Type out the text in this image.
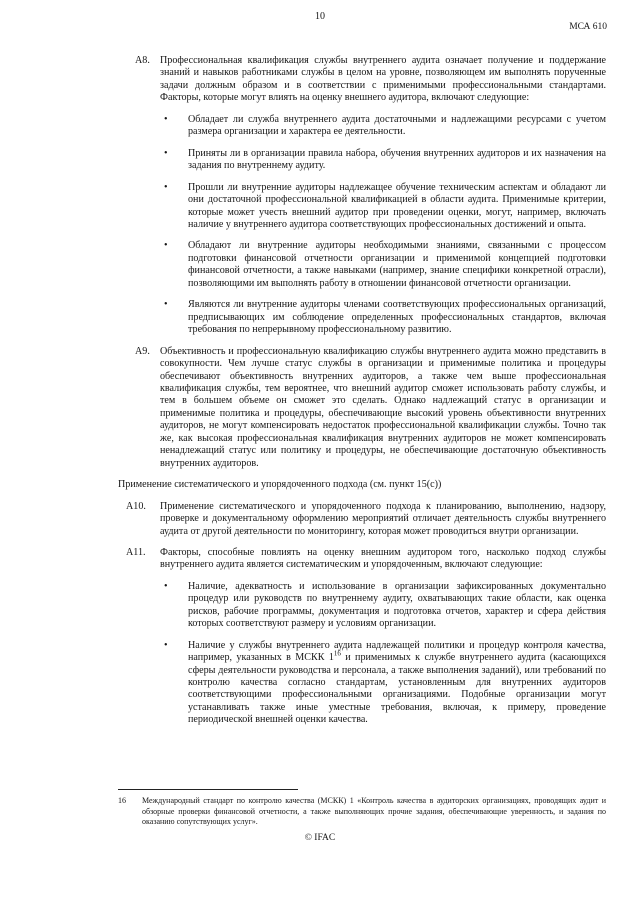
10
МСА 610
A8. Профессиональная квалификация службы внутреннего аудита означает получение и поддержание знаний и навыков работниками службы в целом на уровне, позволяющем им выполнять порученные задачи должным образом и в соответствии с применимыми профессиональными стандартами. Факторы, которые могут влиять на оценку внешнего аудитора, включают следующие:
• Обладает ли служба внутреннего аудита достаточными и надлежащими ресурсами с учетом размера организации и характера ее деятельности.
• Приняты ли в организации правила набора, обучения внутренних аудиторов и их назначения на задания по внутреннему аудиту.
• Прошли ли внутренние аудиторы надлежащее обучение техническим аспектам и обладают ли они достаточной профессиональной квалификацией в области аудита. Применимые критерии, которые может учесть внешний аудитор при проведении оценки, могут, например, включать наличие у внутреннего аудитора соответствующих профессиональных достижений и опыта.
• Обладают ли внутренние аудиторы необходимыми знаниями, связанными с процессом подготовки финансовой отчетности организации и применимой концепцией подготовки финансовой отчетности, а также навыками (например, знание специфики конкретной отрасли), позволяющими им выполнять работу в отношении финансовой отчетности организации.
• Являются ли внутренние аудиторы членами соответствующих профессиональных организаций, предписывающих им соблюдение определенных профессиональных стандартов, включая требования по непрерывному профессиональному развитию.
A9. Объективность и профессиональную квалификацию службы внутреннего аудита можно представить в совокупности. Чем лучше статус службы в организации и применимые политика и процедуры обеспечивают объективность внутренних аудиторов, а также чем выше профессиональная квалификация службы, тем вероятнее, что внешний аудитор сможет использовать работу службы, и тем в большем объеме он сможет это сделать. Однако надлежащий статус в организации и применимые политика и процедуры, обеспечивающие высокий уровень объективности внутренних аудиторов, не могут компенсировать недостаток профессиональной квалификации службы. Точно так же, как высокая профессиональная квалификация внутренних аудиторов не может компенсировать ненадлежащий статус или политику и процедуры, не обеспечивающие достаточную объективность внутренних аудиторов.
Применение систематического и упорядоченного подхода (см. пункт 15(c))
A10. Применение систематического и упорядоченного подхода к планированию, выполнению, надзору, проверке и документальному оформлению мероприятий отличает деятельность службы внутреннего аудита от другой деятельности по мониторингу, которая может проводиться внутри организации.
A11. Факторы, способные повлиять на оценку внешним аудитором того, насколько подход службы внутреннего аудита является систематическим и упорядоченным, включают следующие:
• Наличие, адекватность и использование в организации зафиксированных документально процедур или руководств по внутреннему аудиту, охватывающих такие области, как оценка рисков, рабочие программы, документация и подготовка отчетов, характер и сфера действия которых соответствуют размеру и условиям организации.
• Наличие у службы внутреннего аудита надлежащей политики и процедур контроля качества, например, указанных в МСКК $1^{16}$ и применимых к службе внутреннего аудита (касающихся сферы деятельности руководства и персонала, а также выполнения заданий), или требований по контролю качества согласно стандартам, установленным для внутренних аудиторов соответствующими профессиональными организациями. Подобные организации могут устанавливать также иные уместные требования, включая, к примеру, проведение периодической внешней оценки качества.
16	Международный стандарт по контролю качества (МСКК) 1 «Контроль качества в аудиторских организациях, проводящих аудит и обзорные проверки финансовой отчетности, а также выполняющих прочие задания, обеспечивающие уверенность, и задания по оказанию сопутствующих услуг».
© IFAC
